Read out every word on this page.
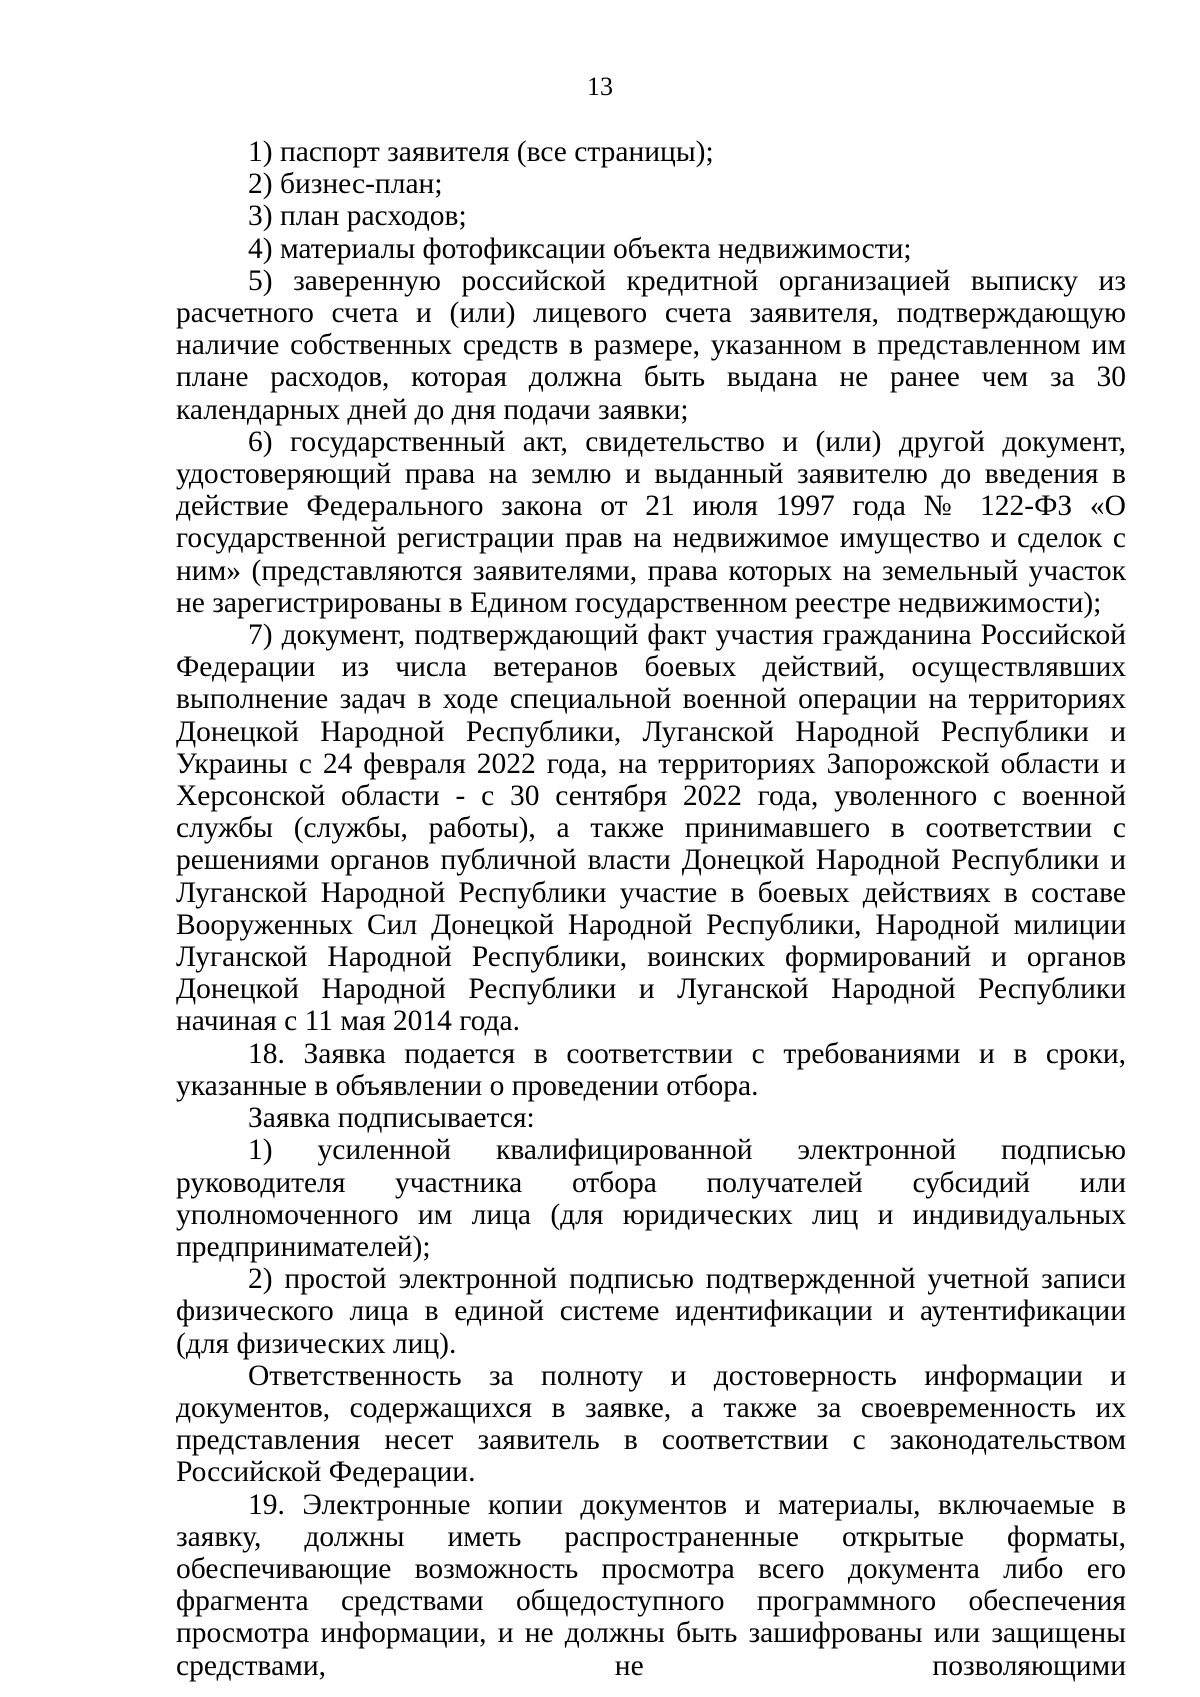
13

1) паспорт заявителя (все страницы);

2) бизнес-план;

3) план расходов;

4) материалы фотофиксации объекта недвижимости;

5) заверенную российской кредитной организацией выписку из расчетного счета и (или) лицевого счета заявителя, подтверждающую наличие собственных средств в размере, указанном в представленном им плане расходов, которая должна быть выдана не ранее чем за 30 календарных дней до дня подачи заявки;

6) государственный акт, свидетельство и (или) другой документ, удостоверяющий права на землю и выданный заявителю до введения в действие Федерального закона от 21 июля 1997 года № 122-ФЗ «О государственной регистрации прав на недвижимое имущество и сделок с ним» (представляются заявителями, права которых на земельный участок не зарегистрированы в Едином государственном реестре недвижимости);

7) документ, подтверждающий факт участия гражданина Российской Федерации из числа ветеранов боевых действий, осуществлявших выполнение задач в ходе специальной военной операции на территориях Донецкой Народной Республики, Луганской Народной Республики и Украины с 24 февраля 2022 года, на территориях Запорожской области и Херсонской области - с 30 сентября 2022 года, уволенного с военной службы (службы, работы), а также принимавшего в соответствии с решениями органов публичной власти Донецкой Народной Республики и Луганской Народной Республики участие в боевых действиях в составе Вооруженных Сил Донецкой Народной Республики, Народной милиции Луганской Народной Республики, воинских формирований и органов Донецкой Народной Республики и Луганской Народной Республики начиная с 11 мая 2014 года.

18. Заявка подается в соответствии с требованиями и в сроки, указанные в объявлении о проведении отбора.

Заявка подписывается:

1) усиленной квалифицированной электронной подписью руководителя участника отбора получателей субсидий или уполномоченного им лица (для юридических лиц и индивидуальных предпринимателей);

2) простой электронной подписью подтвержденной учетной записи физического лица в единой системе идентификации и аутентификации (для физических лиц).

Ответственность за полноту и достоверность информации и документов, содержащихся в заявке, а также за своевременность их представления несет заявитель в соответствии с законодательством Российской Федерации.

19. Электронные копии документов и материалы, включаемые в заявку, должны иметь распространенные открытые форматы, обеспечивающие возможность просмотра всего документа либо его фрагмента средствами общедоступного программного обеспечения просмотра информации, и не должны быть зашифрованы или защищены средствами, не позволяющими
